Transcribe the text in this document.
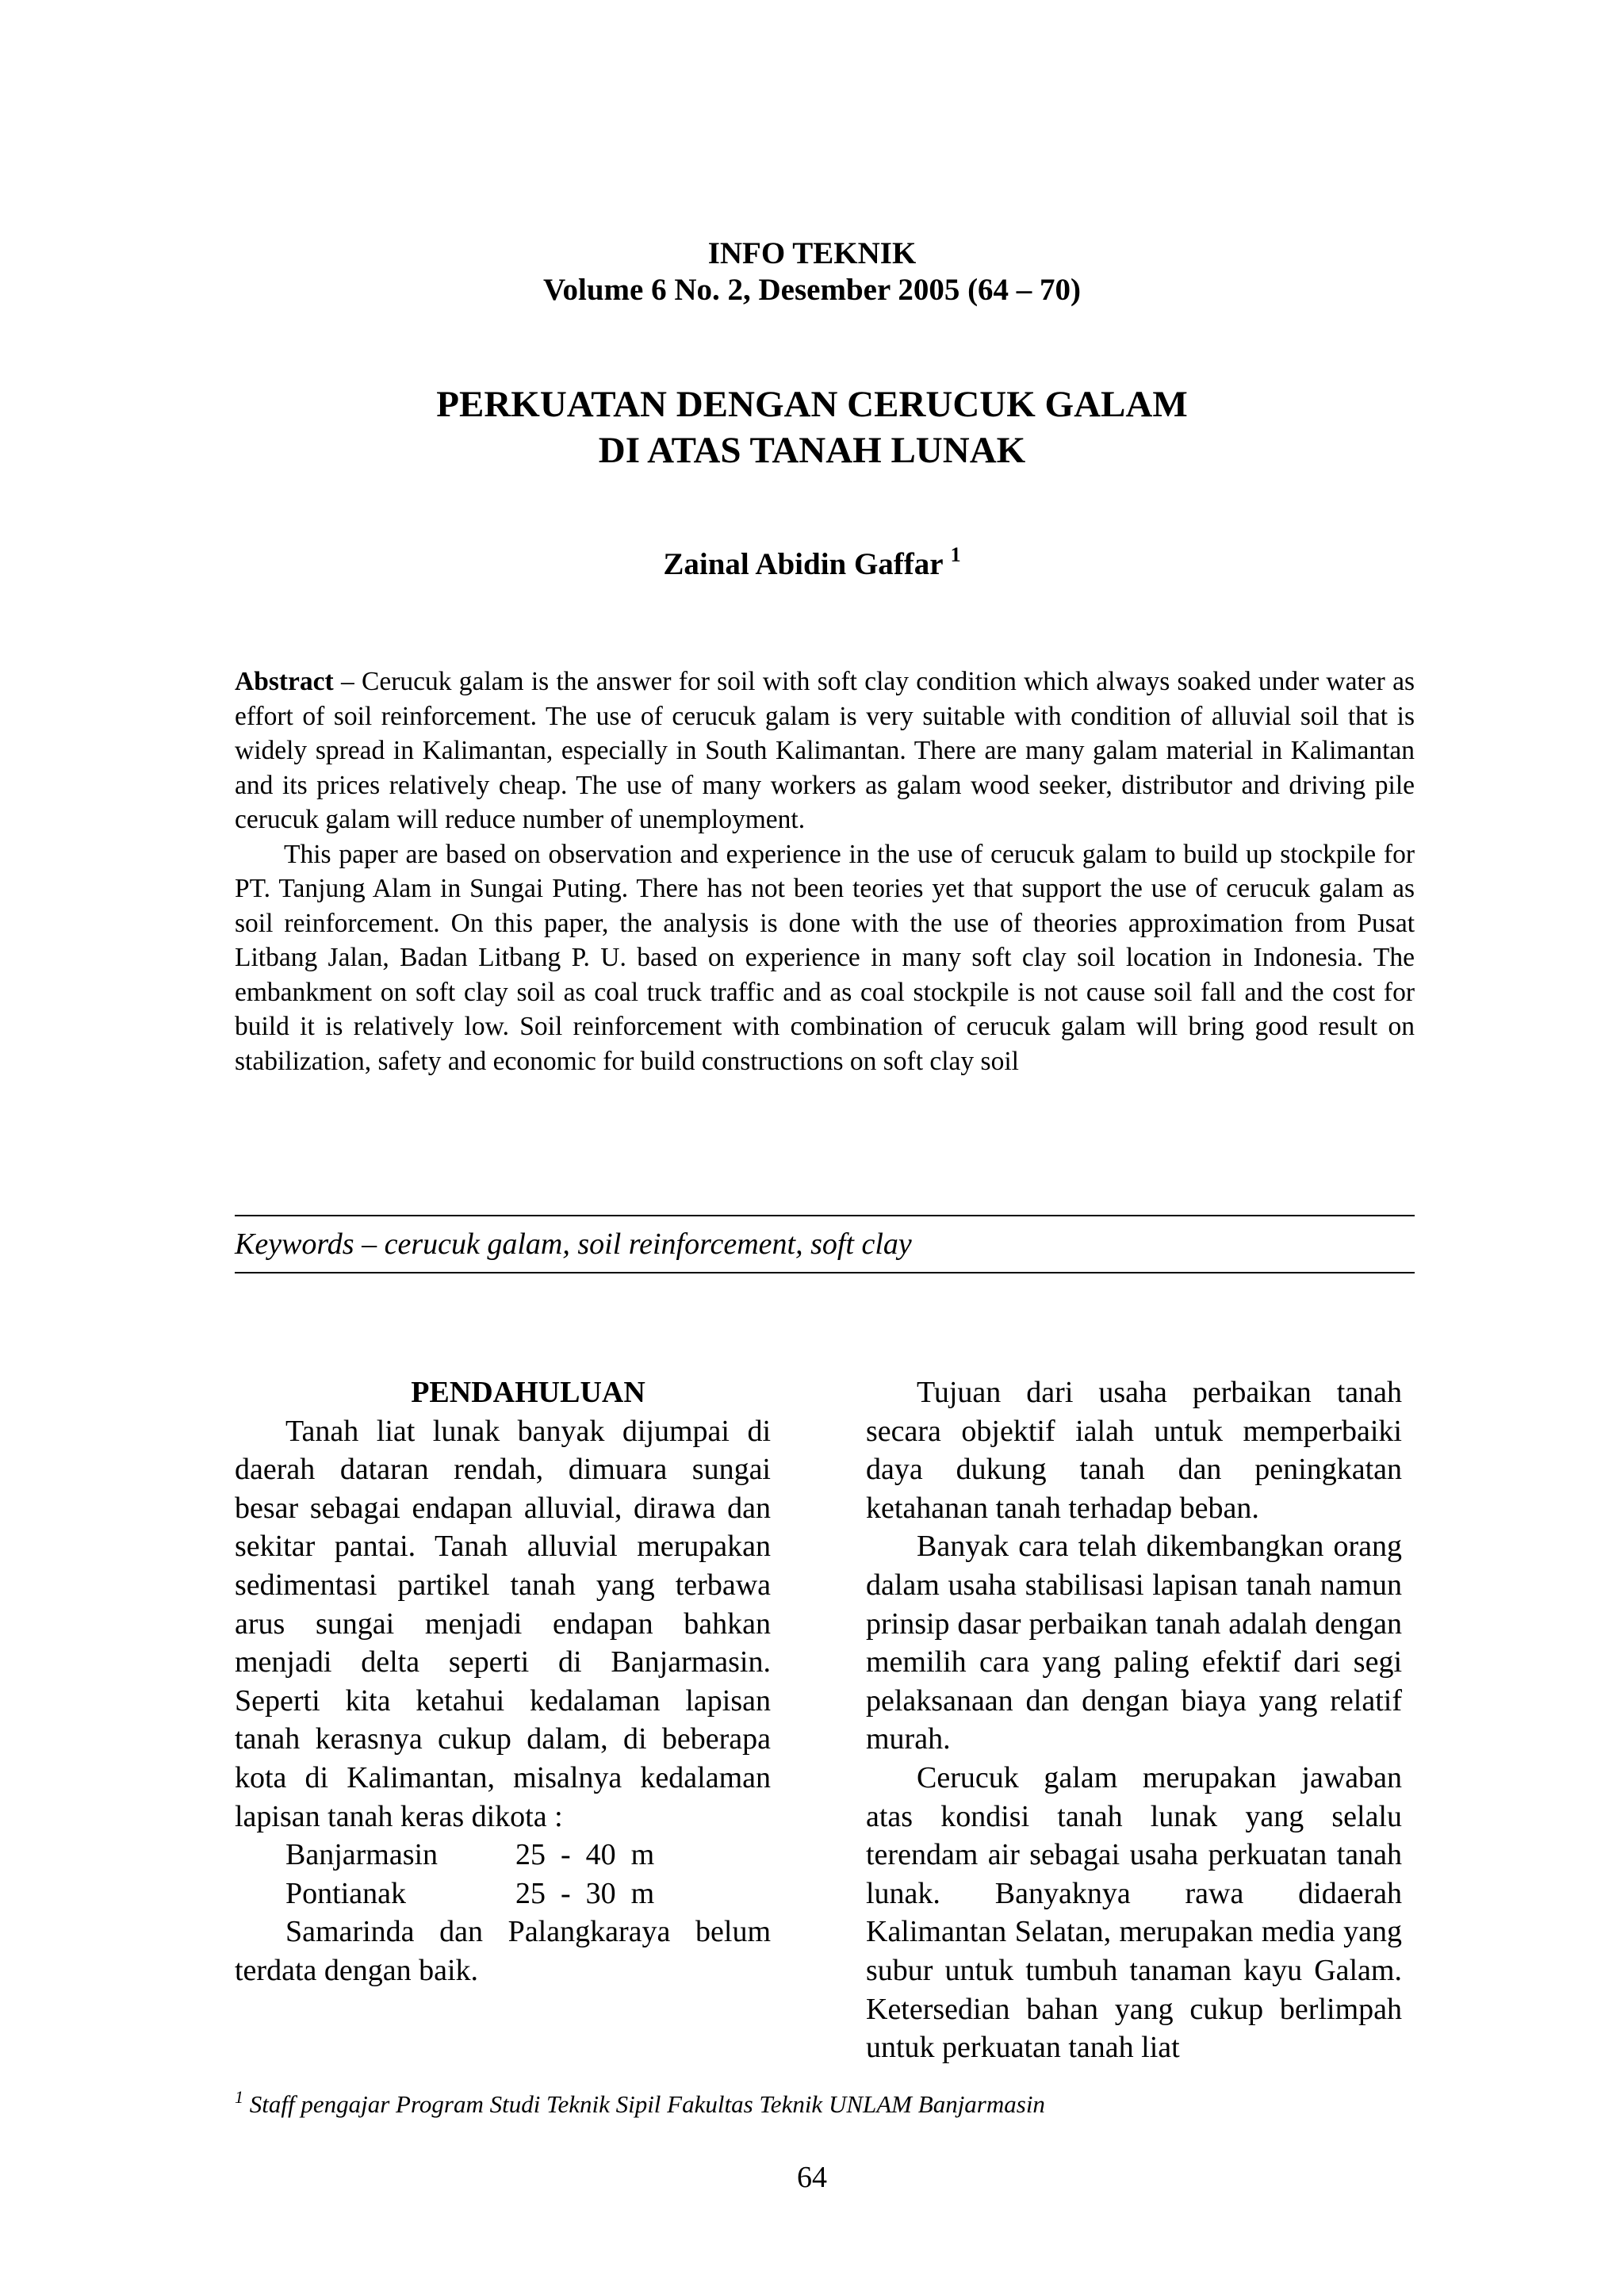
INFO TEKNIK
Volume 6 No. 2, Desember 2005 (64 – 70)
PERKUATAN DENGAN CERUCUK GALAM
DI ATAS TANAH LUNAK
Zainal Abidin Gaffar $^1$

Abstract – Cerucuk galam is the answer for soil with soft clay condition which always soaked under water as effort of soil reinforcement. The use of cerucuk galam is very suitable with condition of alluvial soil that is widely spread in Kalimantan, especially in South Kalimantan. There are many galam material in Kalimantan and its prices relatively cheap. The use of many workers as galam wood seeker, distributor and driving pile cerucuk galam will reduce number of unemployment.

This paper are based on observation and experience in the use of cerucuk galam to build up stockpile for PT. Tanjung Alam in Sungai Puting. There has not been teories yet that support the use of cerucuk galam as soil reinforcement. On this paper, the analysis is done with the use of theories approximation from Pusat Litbang Jalan, Badan Litbang P. U. based on experience in many soft clay soil location in Indonesia. The embankment on soft clay soil as coal truck traffic and as coal stockpile is not cause soil fall and the cost for build it is relatively low. Soil reinforcement with combination of cerucuk galam will bring good result on stabilization, safety and economic for build constructions on soft clay soil

Keywords – cerucuk galam, soil reinforcement, soft clay

PENDAHULUAN

Tanah liat lunak banyak dijumpai di daerah dataran rendah, dimuara sungai besar sebagai endapan alluvial, dirawa dan sekitar pantai. Tanah alluvial merupakan sedimentasi partikel tanah yang terbawa arus sungai menjadi endapan bahkan menjadi delta seperti di Banjarmasin. Seperti kita ketahui kedalaman lapisan tanah kerasnya cukup dalam, di beberapa kota di Kalimantan, misalnya kedalaman lapisan tanah keras dikota :

Banjarmasin	25  -  40  m
Pontianak	25  -  30  m

Samarinda dan Palangkaraya belum terdata dengan baik.

Tujuan dari usaha perbaikan tanah secara objektif ialah untuk memperbaiki daya dukung tanah dan peningkatan ketahanan tanah terhadap beban.

Banyak cara telah dikembangkan orang dalam usaha stabilisasi lapisan tanah namun prinsip dasar perbaikan tanah adalah dengan memilih cara yang paling efektif dari segi pelaksanaan dan dengan biaya yang relatif murah.

Cerucuk galam merupakan jawaban atas kondisi tanah lunak yang selalu terendam air sebagai usaha perkuatan tanah lunak. Banyaknya rawa didaerah Kalimantan Selatan, merupakan media yang subur untuk tumbuh tanaman kayu Galam. Ketersedian bahan yang cukup berlimpah untuk perkuatan tanah liat

$^1$ Staff pengajar Program Studi Teknik Sipil Fakultas Teknik UNLAM Banjarmasin
64
